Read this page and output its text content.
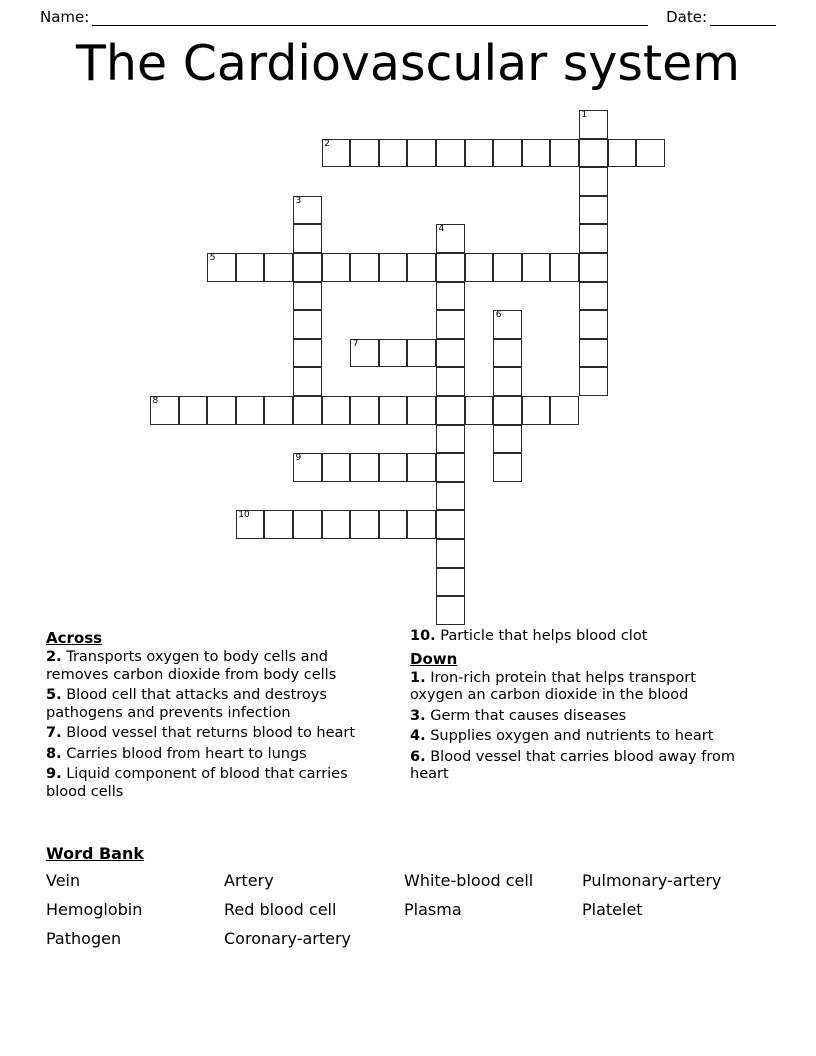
Name:	Date:
The Cardiovascular system
1
2
3
4
5
6
7
8
9
10
Across
2. Transports oxygen to body cells and removes carbon dioxide from body cells
5. Blood cell that attacks and destroys pathogens and prevents infection
7. Blood vessel that returns blood to heart
8. Carries blood from heart to lungs
9. Liquid component of blood that carries blood cells
10. Particle that helps blood clot
Down
1. Iron-rich protein that helps transport oxygen an carbon dioxide in the blood
3. Germ that causes diseases
4. Supplies oxygen and nutrients to heart
6. Blood vessel that carries blood away from heart
Word Bank
Vein	Artery	White-blood cell	Pulmonary-artery
Hemoglobin	Red blood cell	Plasma	Platelet
Pathogen	Coronary-artery
